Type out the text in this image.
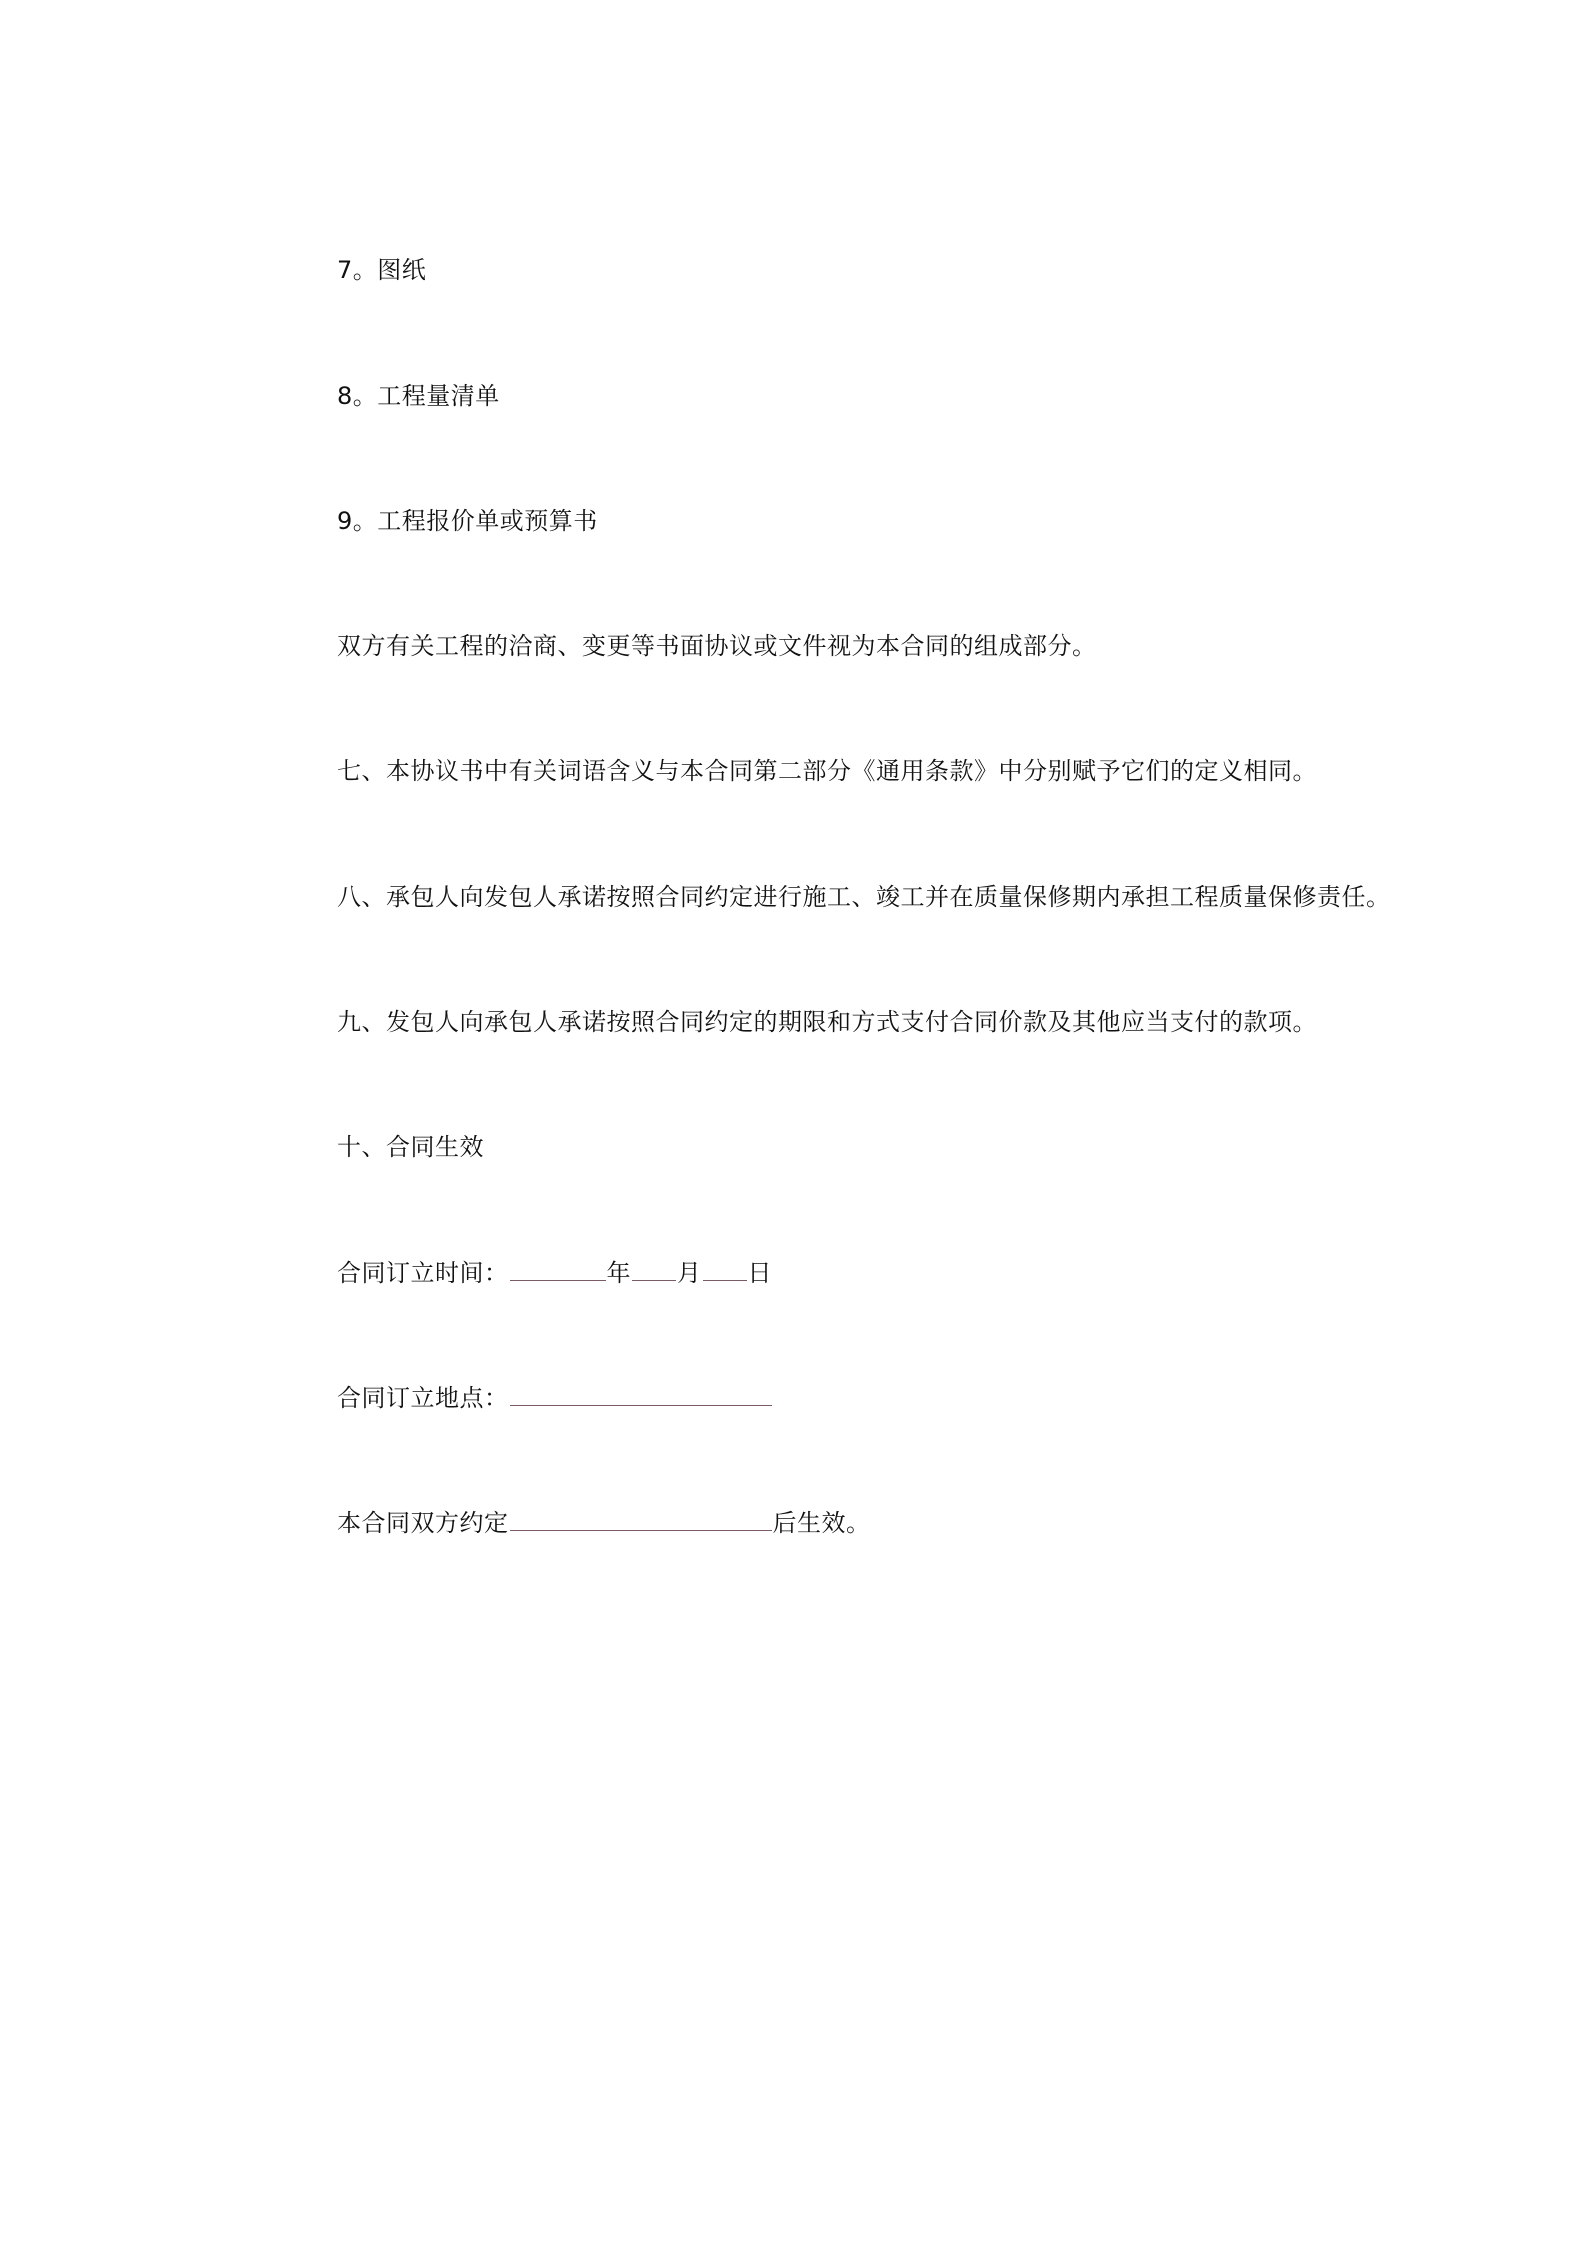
7。图纸
8。工程量清单
9。工程报价单或预算书
双方有关工程的洽商、变更等书面协议或文件视为本合同的组成部分。
七、本协议书中有关词语含义与本合同第二部分《通用条款》中分别赋予它们的定义相同。
八、承包人向发包人承诺按照合同约定进行施工、竣工并在质量保修期内承担工程质量保修责任。
九、发包人向承包人承诺按照合同约定的期限和方式支付合同价款及其他应当支付的款项。
十、合同生效
合同订立时间：	年 月 日
合同订立地点：
本合同双方约定	后生效。
